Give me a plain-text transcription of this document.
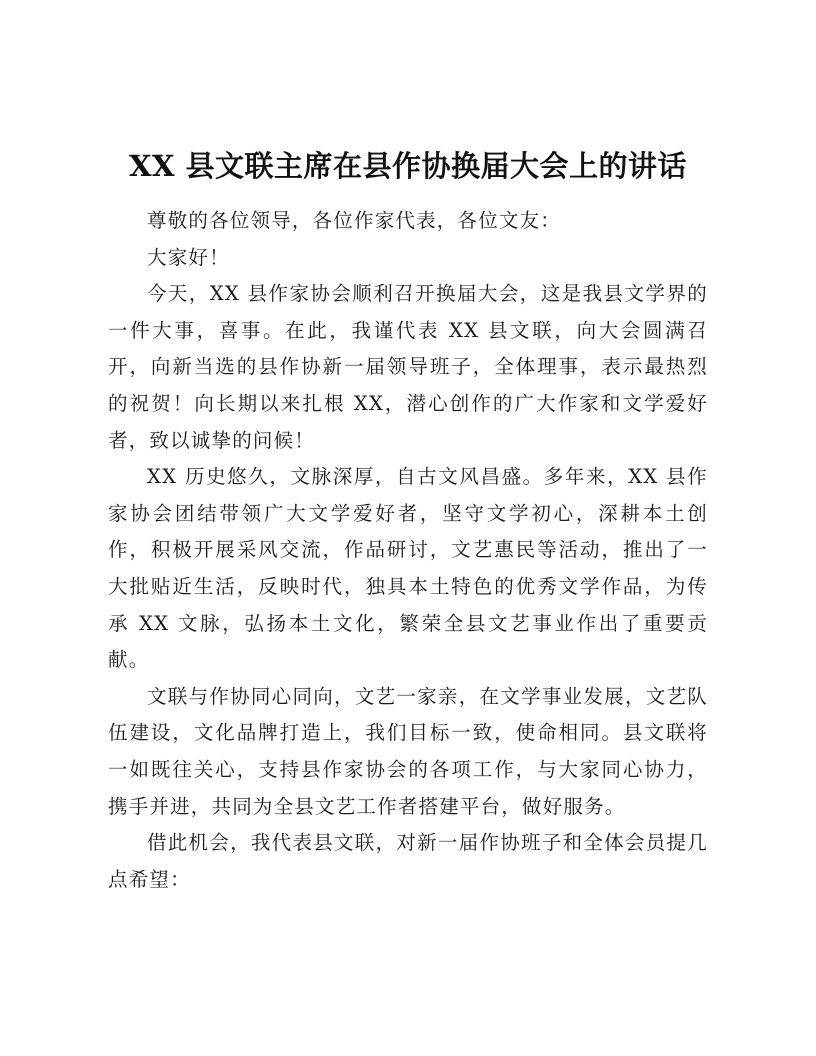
XX 县文联主席在县作协换届大会上的讲话

尊敬的各位领导，各位作家代表，各位文友：

大家好！

今天，XX 县作家协会顺利召开换届大会，这是我县文学界的一件大事，喜事。在此，我谨代表 XX 县文联，向大会圆满召开，向新当选的县作协新一届领导班子，全体理事，表示最热烈的祝贺！向长期以来扎根 XX，潜心创作的广大作家和文学爱好者，致以诚挚的问候！

XX 历史悠久，文脉深厚，自古文风昌盛。多年来，XX 县作家协会团结带领广大文学爱好者，坚守文学初心，深耕本土创作，积极开展采风交流，作品研讨，文艺惠民等活动，推出了一大批贴近生活，反映时代，独具本土特色的优秀文学作品，为传承 XX 文脉，弘扬本土文化，繁荣全县文艺事业作出了重要贡献。

文联与作协同心同向，文艺一家亲，在文学事业发展，文艺队伍建设，文化品牌打造上，我们目标一致，使命相同。县文联将一如既往关心，支持县作家协会的各项工作，与大家同心协力，携手并进，共同为全县文艺工作者搭建平台，做好服务。

借此机会，我代表县文联，对新一届作协班子和全体会员提几点希望：
